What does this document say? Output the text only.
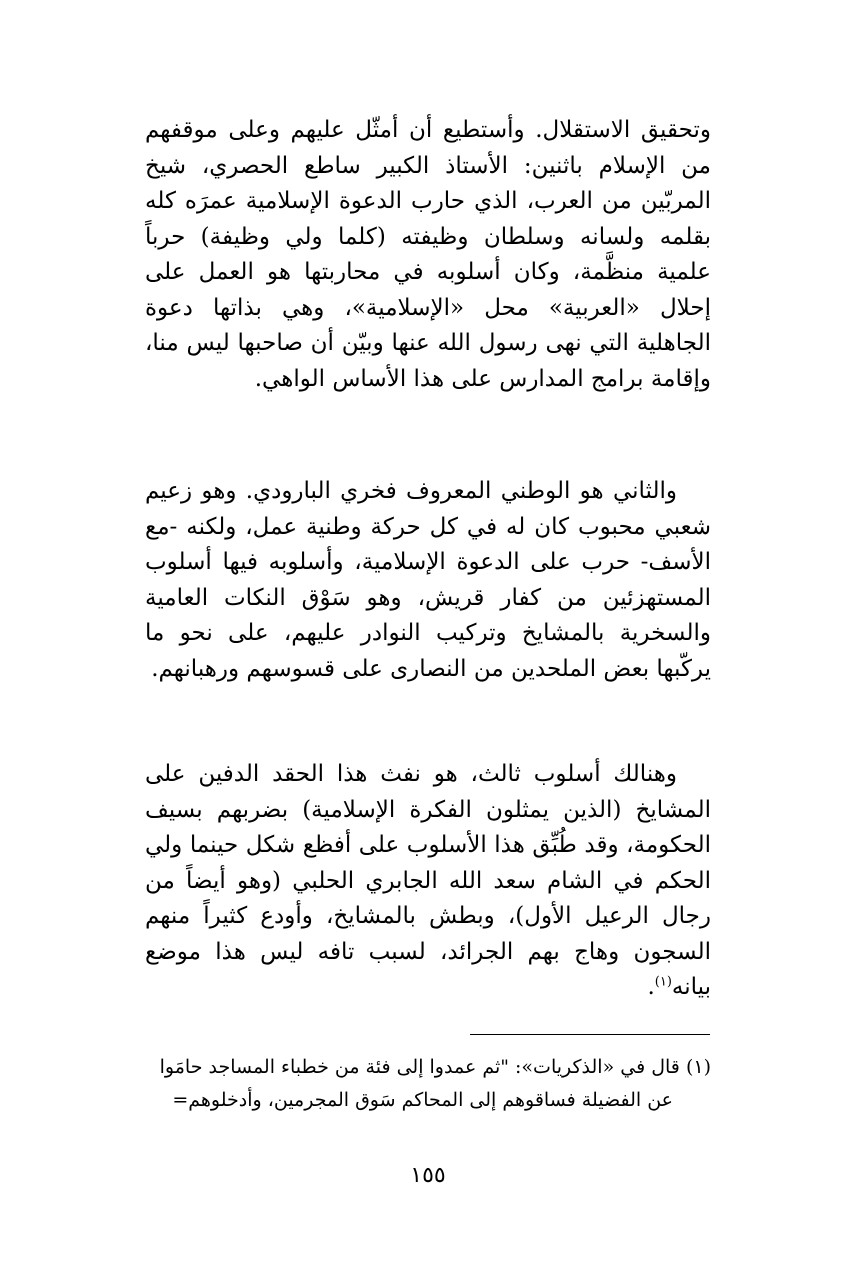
وتحقيق الاستقلال. وأستطيع أن أمثّل عليهم وعلى موقفهم من الإسلام باثنين: الأستاذ الكبير ساطع الحصري، شيخ المربّين من العرب، الذي حارب الدعوة الإسلامية عمرَه كله بقلمه ولسانه وسلطان وظيفته (كلما ولي وظيفة) حرباً علمية منظَّمة، وكان أسلوبه في محاربتها هو العمل على إحلال «العربية» محل «الإسلامية»، وهي بذاتها دعوة الجاهلية التي نهى رسول الله عنها وبيّن أن صاحبها ليس منا، وإقامة برامج المدارس على هذا الأساس الواهي.

والثاني هو الوطني المعروف فخري البارودي. وهو زعيم شعبي محبوب كان له في كل حركة وطنية عمل، ولكنه -مع الأسف- حرب على الدعوة الإسلامية، وأسلوبه فيها أسلوب المستهزئين من كفار قريش، وهو سَوْق النكات العامية والسخرية بالمشايخ وتركيب النوادر عليهم، على نحو ما يركّبها بعض الملحدين من النصارى على قسوسهم ورهبانهم.

وهنالك أسلوب ثالث، هو نفث هذا الحقد الدفين على المشايخ (الذين يمثلون الفكرة الإسلامية) بضربهم بسيف الحكومة، وقد طُبِّق هذا الأسلوب على أفظع شكل حينما ولي الحكم في الشام سعد الله الجابري الحلبي (وهو أيضاً من رجال الرعيل الأول)، وبطش بالمشايخ، وأودع كثيراً منهم السجون وهاج بهم الجرائد، لسبب تافه ليس هذا موضع بيانه$^{(١)}$.

(١) قال في «الذكريات»: "ثم عمدوا إلى فئة من خطباء المساجد حامَوا
عن الفضيلة فساقوهم إلى المحاكم سَوق المجرمين، وأدخلوهم=
١٥٥
